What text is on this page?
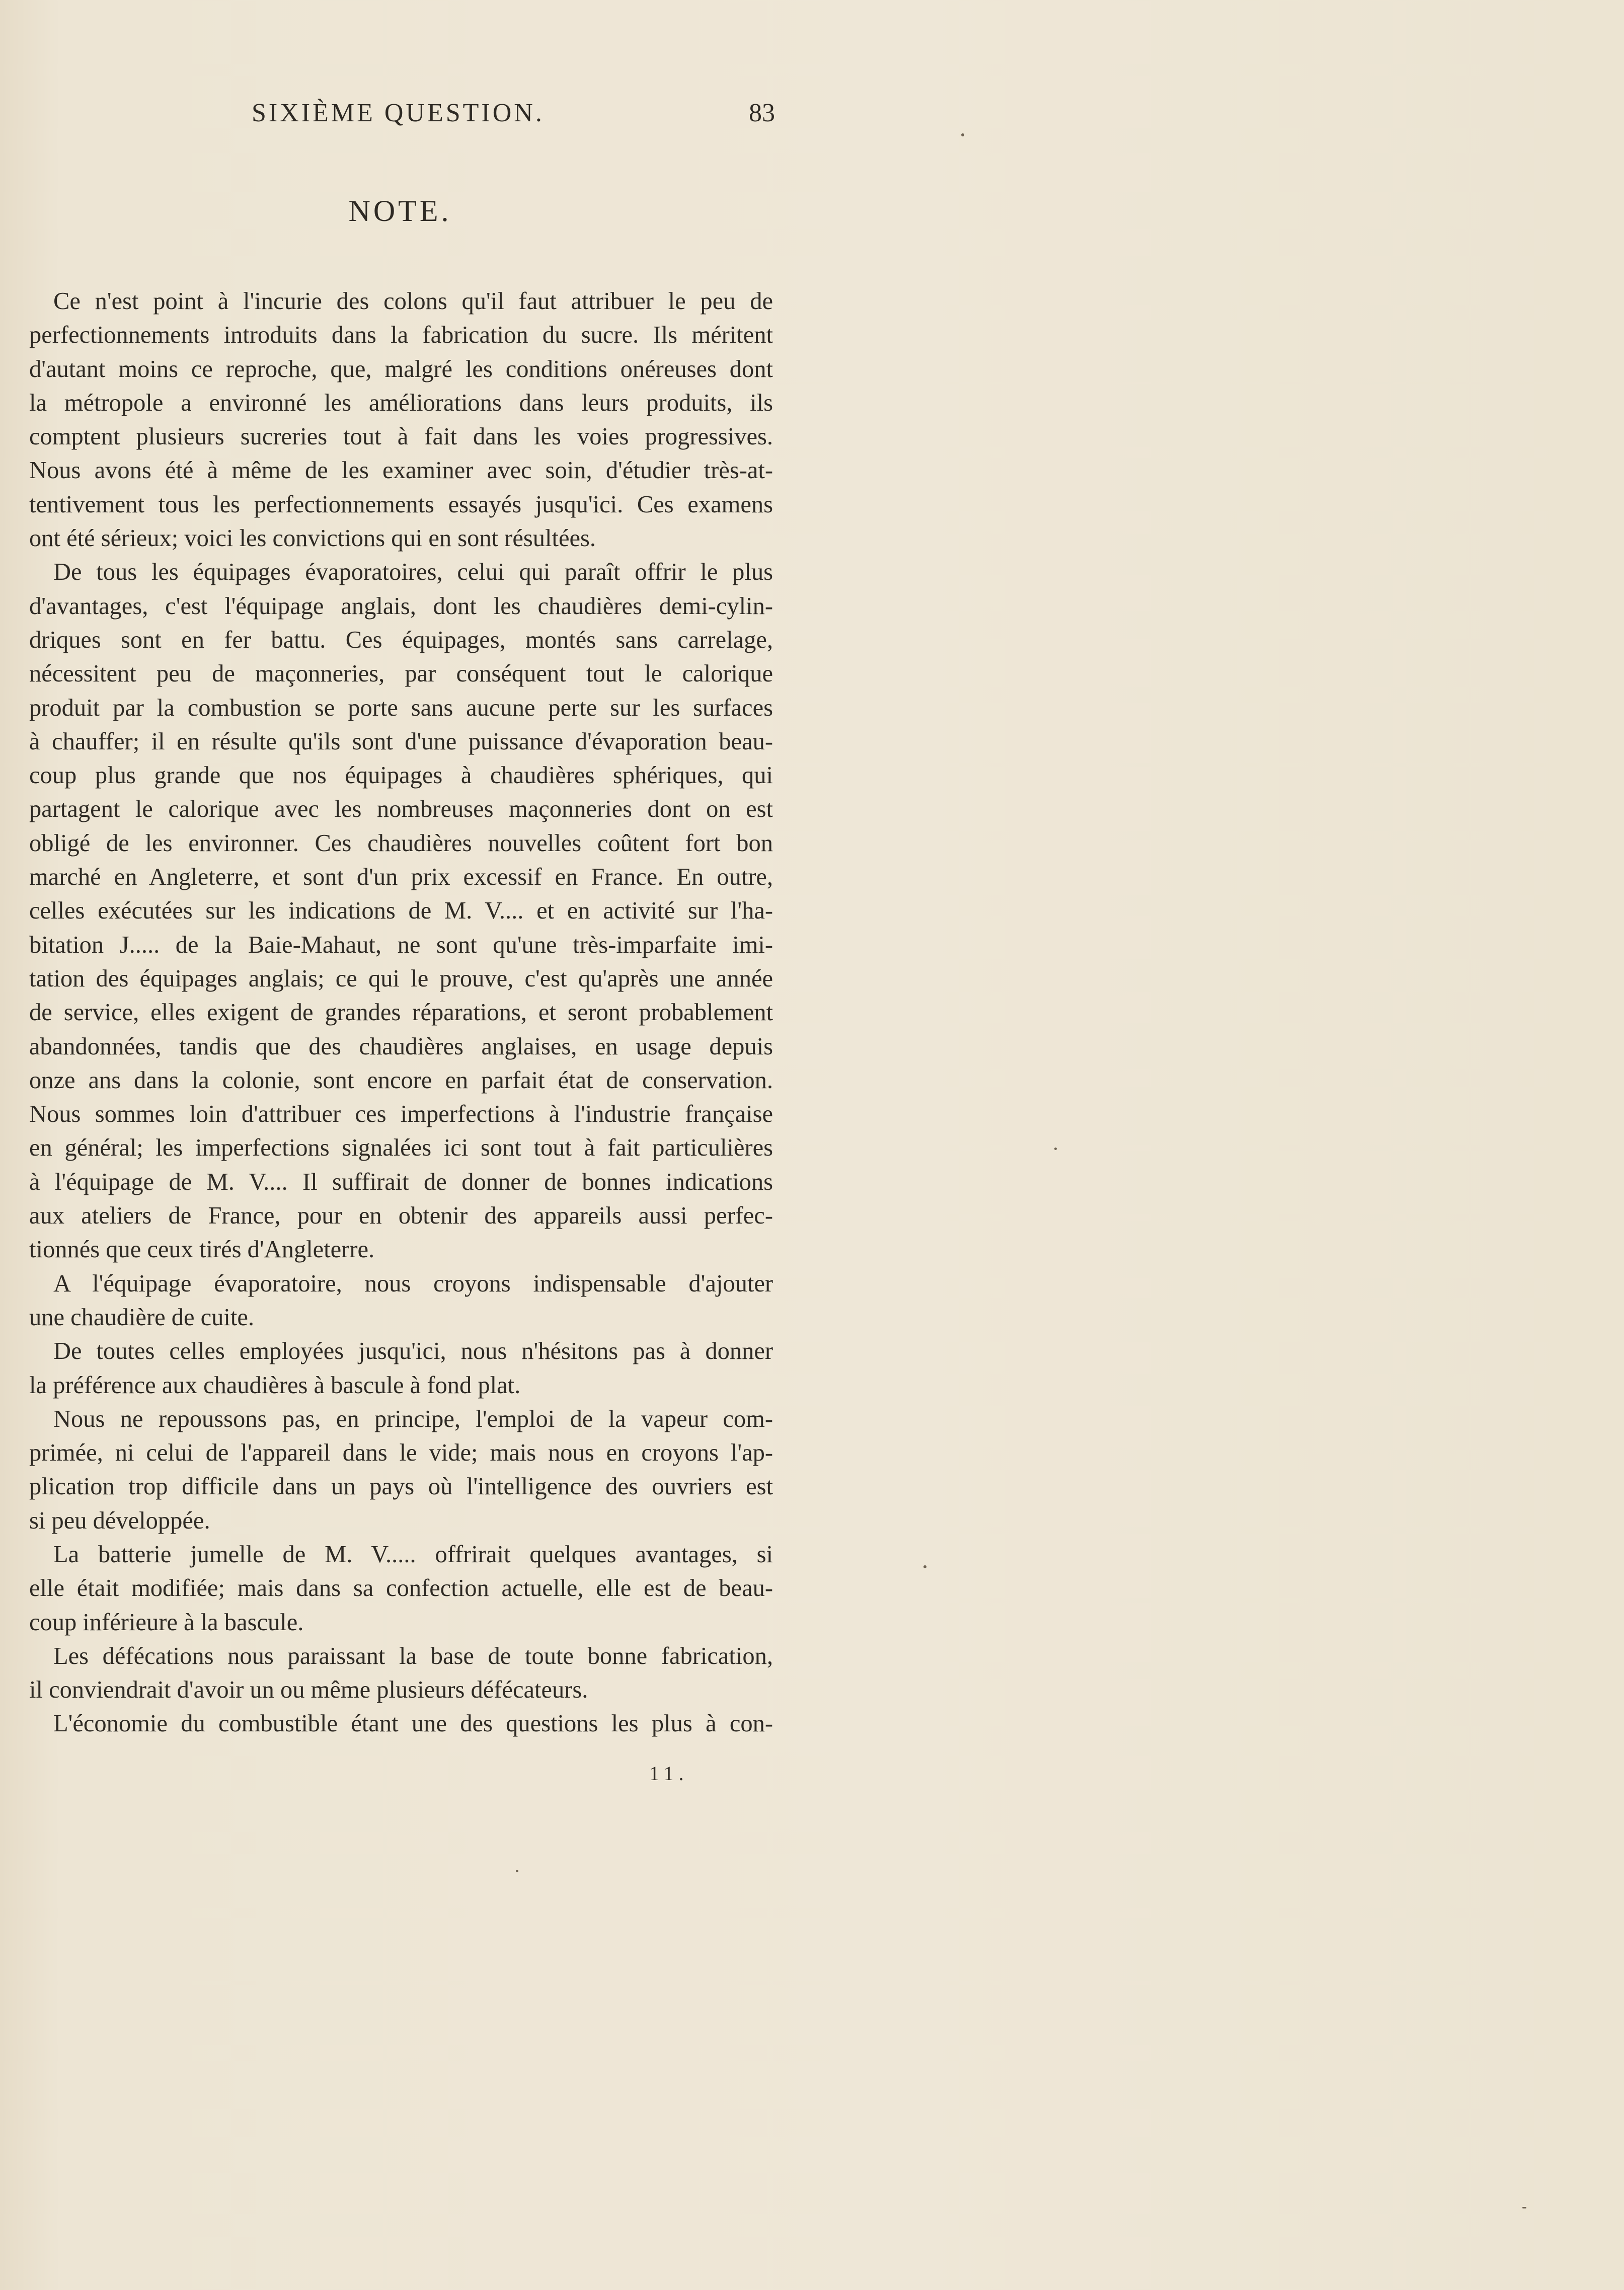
SIXIÈME QUESTION.	83
NOTE.
Ce n'est point à l'incurie des colons qu'il faut attribuer le peu de
perfectionnements introduits dans la fabrication du sucre. Ils méritent
d'autant moins ce reproche, que, malgré les conditions onéreuses dont
la métropole a environné les améliorations dans leurs produits, ils
comptent plusieurs sucreries tout à fait dans les voies progressives.
Nous avons été à même de les examiner avec soin, d'étudier très-at-
tentivement tous les perfectionnements essayés jusqu'ici. Ces examens
ont été sérieux; voici les convictions qui en sont résultées.
De tous les équipages évaporatoires, celui qui paraît offrir le plus
d'avantages, c'est l'équipage anglais, dont les chaudières demi-cylin-
driques sont en fer battu. Ces équipages, montés sans carrelage,
nécessitent peu de maçonneries, par conséquent tout le calorique
produit par la combustion se porte sans aucune perte sur les surfaces
à chauffer; il en résulte qu'ils sont d'une puissance d'évaporation beau-
coup plus grande que nos équipages à chaudières sphériques, qui
partagent le calorique avec les nombreuses maçonneries dont on est
obligé de les environner. Ces chaudières nouvelles coûtent fort bon
marché en Angleterre, et sont d'un prix excessif en France. En outre,
celles exécutées sur les indications de M. V.... et en activité sur l'ha-
bitation J..... de la Baie-Mahaut, ne sont qu'une très-imparfaite imi-
tation des équipages anglais; ce qui le prouve, c'est qu'après une année
de service, elles exigent de grandes réparations, et seront probablement
abandonnées, tandis que des chaudières anglaises, en usage depuis
onze ans dans la colonie, sont encore en parfait état de conservation.
Nous sommes loin d'attribuer ces imperfections à l'industrie française
en général; les imperfections signalées ici sont tout à fait particulières
à l'équipage de M. V.... Il suffirait de donner de bonnes indications
aux ateliers de France, pour en obtenir des appareils aussi perfec-
tionnés que ceux tirés d'Angleterre.
A l'équipage évaporatoire, nous croyons indispensable d'ajouter
une chaudière de cuite.
De toutes celles employées jusqu'ici, nous n'hésitons pas à donner
la préférence aux chaudières à bascule à fond plat.
Nous ne repoussons pas, en principe, l'emploi de la vapeur com-
primée, ni celui de l'appareil dans le vide; mais nous en croyons l'ap-
plication trop difficile dans un pays où l'intelligence des ouvriers est
si peu développée.
La batterie jumelle de M. V..... offrirait quelques avantages, si
elle était modifiée; mais dans sa confection actuelle, elle est de beau-
coup inférieure à la bascule.
Les défécations nous paraissant la base de toute bonne fabrication,
il conviendrait d'avoir un ou même plusieurs défécateurs.
L'économie du combustible étant une des questions les plus à con-
11.
